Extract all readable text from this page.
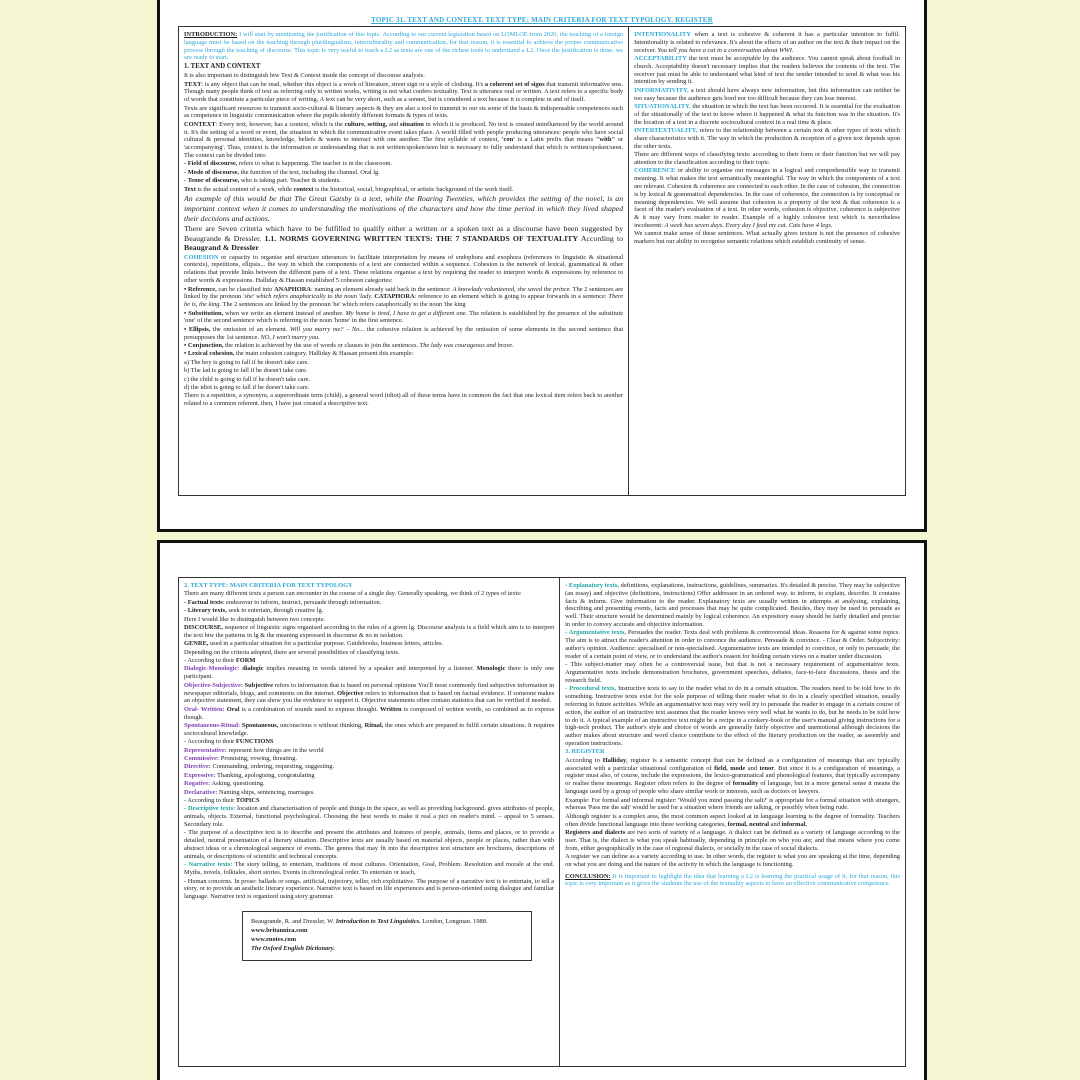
TOPIC 31. TEXT AND CONTEXT. TEXT TYPE: MAIN CRITERIA FOR TEXT TYPOLOGY. REGISTER

INTRODUCTION: I will start by mentioning the justification of this topic. According to our current legislation based on LOMLOE from 2020, the teaching of a foreign language must be based on the teaching through plurilingualism, interculturality and communication, for that reason, it is essential to achieve the proper communicative process through the teaching of discourse. This topic is very useful to teach a L2 as texts are one of the richest tools to understand a L2. Once the justification is done, we are ready to start.

1. TEXT AND CONTEXT

It is also important to distinguish btw Text & Context inside the concept of discourse analysis.

TEXT: is any object that can be read, whether this object is a work of literature, street sign or a style of clothing. It's a coherent set of signs that transmit informative sms. Though many people think of text as referring only to written works, writing is not what confers textuality. Text is utterance oral or written. A text refers to a specific body of words that constitute a particular piece of writing. A text can be very short, such as a sonnet, but is considered a text because it is complete in and of itself.

Texts are significant resources to transmit socio-cultural & literary aspects & they are also a tool to transmit to our sts some of the basis & indispensable competences such as competence in linguistic communication where the pupils identify different formats & types of texts.

CONTEXT: Every text, however, has a context, which is the culture, setting, and situation in which it is produced. No text is created uninfluenced by the world around it. It's the setting of a word or event, the situation in which the communicative event takes place. A world filled with people producing utterances: people who have social cultural & personal identities, knowledge, beliefs & wants to interact with one another. The first syllable of context, 'con' is a Latin prefix that means "with" or 'accompanying'. Thus, context is the information or understanding that is not written/spoken/seen but is necessary to fully understand that which is written/spoken/seen. The context can be divided into:

- Field of discourse, refers to what is happening. The teacher is in the classroom.

- Mode of discourse, the function of the text, including the channel. Oral lg.

- Tenor of discourse, who is taking part. Teacher & students.

Text is the actual content of a work, while context is the historical, social, biographical, or artistic background of the work itself.

An example of this would be that The Great Gatsby is a text, while the Roaring Twenties, which provides the setting of the novel, is an important context when it comes to understanding the motivations of the characters and how the time period in which they lived shaped their decisions and actions.

There are Seven criteria which have to be fulfilled to qualify either a written or a spoken text as a discourse have been suggested by Beaugrande & Dressler. 1.1. NORMS GOVERNING WRITTEN TEXTS: THE 7 STANDARDS OF TEXTUALITY According to Beaugrand & Dressler

COHESION or capacity to organise and structure utterances to facilitate interpretation by means of endophora and exophora (references to linguistic & situational contexts), repetitions, ellipsis... the way in which the components of a text are connected within a sequence. Cohesion is the network of lexical, grammatical & other relations that provide links between the different parts of a text. These relations organise a text by requiring the reader to interpret words & expressions by reference to other words & expressions. Halliday & Hassan established 5 cohesion categories:

• Reference, can be classified into ANAPHORA: naming an element already said back in the sentence: A knowlady volunteered, she saved the prince. The 2 sentences are linked by the pronoun 'she' which refers anaphorically to the noun 'lady. CATAPHORA: reference to an element which is going to appear forwards in a sentence: There he is, the king. The 2 sentences are linked by the pronoun 'he' which refers cataphorically to the noun 'the king

• Substitution, when we write an element instead of another. My home is tired, I have to get a different one. The relation is established by the presence of the substitute 'one' of the second sentence which is referring to the noun 'home' in the first sentence.

• Ellipsis, the omission of an element. Will you marry me? – No... the cohesive relation is achieved by the omission of some elements in the second sentence that presupposes the 1st sentence. NO, I won't marry you.

• Conjunction, the relation is achieved by the use of words or clauses to join the sentences. The lady was courageous and brave.

• Lexical cohesion, the main cohesion category. Halliday & Hassan present this example:

a) The boy is going to fall if he doesn't take care.

b) The lad is going to fall if he doesn't take care.

c) the child is going to fall if he doesn't take care.

d) the idiot is going to fall if he doesn't take care.

There is a repetition, a synonym, a superordinate term (child), a general word (idiot) all of these terms have in common the fact that one lexical item refers back to another related to a common referent. then, I have just created a descriptive text.

INTENTIONALITY when a text is cohesive & coherent it has a particular intention to fulfil. Intentionality is related to relevance. It's about the effects of an author on the text & their impact on the receiver. You tell you have a cat in a conversation about WWI.

ACCEPTABILITY the text must be acceptable by the audience. You cannot speak about football in church. Acceptability doesn't necessary implies that the readers believes the contents of the text. The receiver just must be able to understand what kind of text the sender intended to send & what was his intention by sending it.

INFORMATIVITY, a text should have always new information, but this information can neither be too easy because the audience gets bord nor too difficult because they can lose interest.

SITUATIONALITY, the situation in which the text has been occurred. It is essential for the evaluation of the situationally of the text to know where it happened & what its function was in the situation. It's the location of a text in a discrete sociocultural context in a real time & place.

INTERTEXTUALITY, refers to the relationship between a certain text & other types of texts which share characteristics with it. The way in which the production & reception of a given text depends upon the other texts.

There are different ways of classifying texts: according to their form or their function but we will pay attention to the classification according to their topic.

COHERENCE or ability to organise our messages in a logical and comprehensible way to transmit meaning. It what makes the text semantically meaningful. The way in which the components of a text are relevant. Cohesion & coherence are connected to each other. In the case of cohesion, the connection is by lexical & grammatical dependencies. In the case of coherence, the connection is by conceptual or meaning dependencies. We will assume that cohesion is a property of the text & that coherence is a facet of the reader's evaluation of a text. In other words, cohesion is objective, coherence is subjective & it may vary from reader to reader. Example of a highly cohesive text which is nevertheless incoherent: A week has seven days. Every day I feed my cat. Cats have 4 legs.

We cannot make sense of these sentences. What actually gives texture is not the presence of cohesive markers but our ability to recognise semantic relations which establish continuity of sense.

2. TEXT TYPE: MAIN CRITERIA FOR TEXT TYPOLOGY

There are many different texts a person can encounter in the course of a single day. Generally speaking, we think of 2 types of texts:

- Factual texts: endeavour to inform, instruct, persuade through information.

- Literary texts, seek to entertain, through creative lg.

Here I would like to distinguish between two concepts:

DISCOURSE, sequence of linguistic signs organised according to the rules of a given lg. Discourse analysis is a field which aim is to interpret the text btw the patterns in lg & the meaning expressed in discourse & no in isolation.

GENRE, used in a particular situation for a particular purpose. Guidebooks, business letters, articles.

Depending on the criteria adopted, there are several possibilities of classifying texts.

- According to their FORM

Dialogic-Monologic: dialogic implies meaning in words uttered by a speaker and interpreted by a listener. Monologic there is only one participant.

Objective-Subjective: Subjective refers to information that is based on personal opinions You'll most commonly find subjective information in newspaper editorials, blogs, and comments on the internet. Objective refers to information that is based on factual evidence. If someone makes an objective statement, they can show you the evidence to support it. Objective statements often contain statistics that can be verified if needed.

Oral- Written: Oral is a combination of sounds used to express thought. Written is composed of written words, so combined as to express though.

Spontaneous-Ritual: Spontaneous, unconscious o without thinking, Ritual, the ones which are prepared to fulfil certain situations. It requires sociocultural knowledge.

- According to their FUNCTIONS

Representative: represent how things are in the world

Commissive: Promising, vowing, threating.

Directive: Commanding, ordering, requesting, suggesting.

Expressive: Thanking, apologising, congratulating

Rogative: Asking, questioning.

Declarative: Naming ships, sentencing, marriages.

- According to their TOPICS

- Descriptive texts: location and characterisation of people and things in the space, as well as providing background. gives attributes of people, animals, objects. External, functional psychological. Choosing the best words to make it real a pict on reader's mind. – appeal to 5 senses. Secondary role.

- The purpose of a descriptive text is to describe and present the attributes and features of people, animals, items and places, or to provide a detailed, neutral presentation of a literary situation. Descriptive texts are usually based on material objects, people or places, rather than with abstract ideas or a chronological sequence of events. The genres that may fit into the descriptive text structure are brochures, descriptions of animals, or descriptions of scientific and technical concepts.

- Narrative texts: The story telling, to entertain, traditions of most cultures. Orientation, Goal, Problem. Resolution and morale at the end. Myths, novels, folktales, short stories. Events in chronological order. To entertain or teach,

- Human concerns. In prose: ballads or songs. artificial, trajectory, teller, rich exploitative. The purpose of a narrative text is to entertain, to tell a story, or to provide an aesthetic literary experience. Narrative text is based on life experiences and is person-oriented using dialogue and familiar language. Narrative text is organized using story grammar.

Beaugrande, R. and Dressler, W. Introduction to Text Linguistics. London, Longman. 1988.

www.britannica.com

www.enotes.com

The Oxford English Dictionary.

- Explanatory texts, definitions, explanations, instructions, guidelines, summaries. It's detailed & precise. They may be subjective (an essay) and objective (definitions, instructions) Offer addressee in an ordered way. to inform, to explain, describe. It contains facts & inform. Give information to the reader. Explanatory texts are usually written in attempts at analysing, explaining, describing and presenting events, facts and processes that may be quite complicated. Besides, they may be used to persuade as well. Their structure would be determined mainly by logical coherence. An expository essay should be fairly detailed and precise in order to convey accurate and objective information.

- Argumentative texts, Persuades the reader. Texts deal with problems & controversial ideas. Reasons for & against some topics. The aim is to attract the reader's attention in order to convince the audience. Persuade & convince. - Clear & Order. Subjectivity: author's opinion. Audience: specialised or non-specialised. Argumentative texts are intended to convince, or only to persuade, the reader of a certain point of view, or to understand the author's reason for holding certain views on a matter under discussion.

- This subject-matter may often be a controversial issue, but that is not a necessary requirement of argumentative texts. Argumentative texts include demonstration brochures, government speeches, debates, face-to-face discussions, thesis and the research field.

- Procedural texts, Instructive texts to say to the reader what to do in a certain situation. The readers need to be told how to do something. Instructive texts exist for the sole purpose of telling their reader what to do in a clearly specified situation, usually referring to future activities. While an argumentative text may very well try to persuade the reader to engage in a certain course of action, the author of an instructive text assumes that the reader knows very well what he wants to do, but he needs to be told how to do it. A typical example of an instructive text might be a recipe in a cookery-book or the user's manual giving instructions for a high-tech product. The author's style and choice of words are generally fairly objective and unemotional although decisions the author makes about structure and word choice contribute to the effect of the literary production on the reader, as assembly and operation instructions.

3. REGISTER

According to Halliday, register is a semantic concept that can be defined as a configuration of meanings that are typically associated with a particular situational configuration of field, mode and tenor. But since it is a configuration of meanings, a register must also, of course, include the expressions, the lexico-grammatical and phonological features, that typically accompany or realise these meanings. Register often refers to the degree of formality of language, but in a more general sense it means the language used by a group of people who share similar work or interests, such as doctors or lawyers.

Example: For formal and informal register: 'Would you mind passing the salt?' is appropriate for a formal situation with strangers, whereas 'Pass me the salt' would be used for a situation where friends are talking, or possibly when being rude.

Although register is a complex area, the most common aspect looked at in language learning is the degree of formality. Teachers often divide functional language into three working categories, formal, neutral and informal.

Registers and dialects are two sorts of variety of a language. A dialect can be defined as a variety of language according to the user. That is, the dialect is what you speak habitually, depending in principle on who you are; and that means where you come from, either geographically in the case of regional dialects, or socially in the case of social dialects.

A register we can define as a variety according to use. In other words, the register is what you are speaking at the time, depending on what you are doing and the nature of the activity in which the language is functioning.

CONCLUSION: It is important to highlight the idea that learning a L2 is learning the practical usage of it, for that reason, this topic is very important as it gives the students the use of the textuality aspects to have an effective communicative competence.
